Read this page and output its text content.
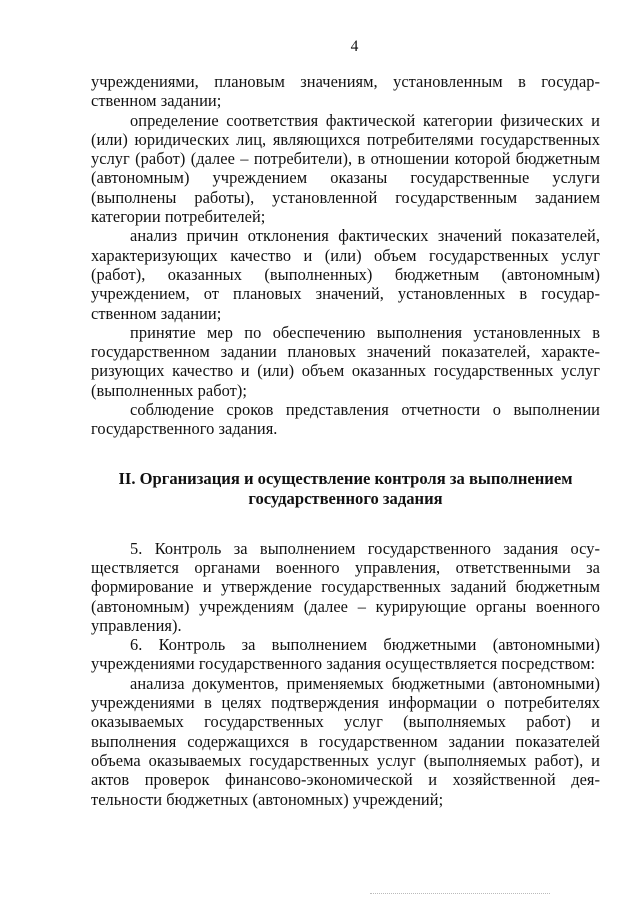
4

учреждениями, плановым значениям, установленным в государственном задании;

определение соответствия фактической категории физических и (или) юридических лиц, являющихся потребителями государственных услуг (работ) (далее – потребители), в отношении которой бюджетным (автономным) учреждением оказаны государственные услуги (выполнены работы), установленной государственным заданием категории потребителей;

анализ причин отклонения фактических значений показателей, характеризующих качество и (или) объем государственных услуг (работ), оказанных (выполненных) бюджетным (автономным) учреждением, от плановых значений, установленных в государственном задании;

принятие мер по обеспечению выполнения установленных в государственном задании плановых значений показателей, характеризующих качество и (или) объем оказанных государственных услуг (выполненных работ);

соблюдение сроков представления отчетности о выполнении государственного задания.

II. Организация и осуществление контроля за выполнением государственного задания

5. Контроль за выполнением государственного задания осуществляется органами военного управления, ответственными за формирование и утверждение государственных заданий бюджетным (автономным) учреждениям (далее – курирующие органы военного управления).

6. Контроль за выполнением бюджетными (автономными) учреждениями государственного задания осуществляется посредством:

анализа документов, применяемых бюджетными (автономными) учреждениями в целях подтверждения информации о потребителях оказываемых государственных услуг (выполняемых работ) и выполнения содержащихся в государственном задании показателей объема оказываемых государственных услуг (выполняемых работ), и актов проверок финансово-экономической и хозяйственной деятельности бюджетных (автономных) учреждений;
